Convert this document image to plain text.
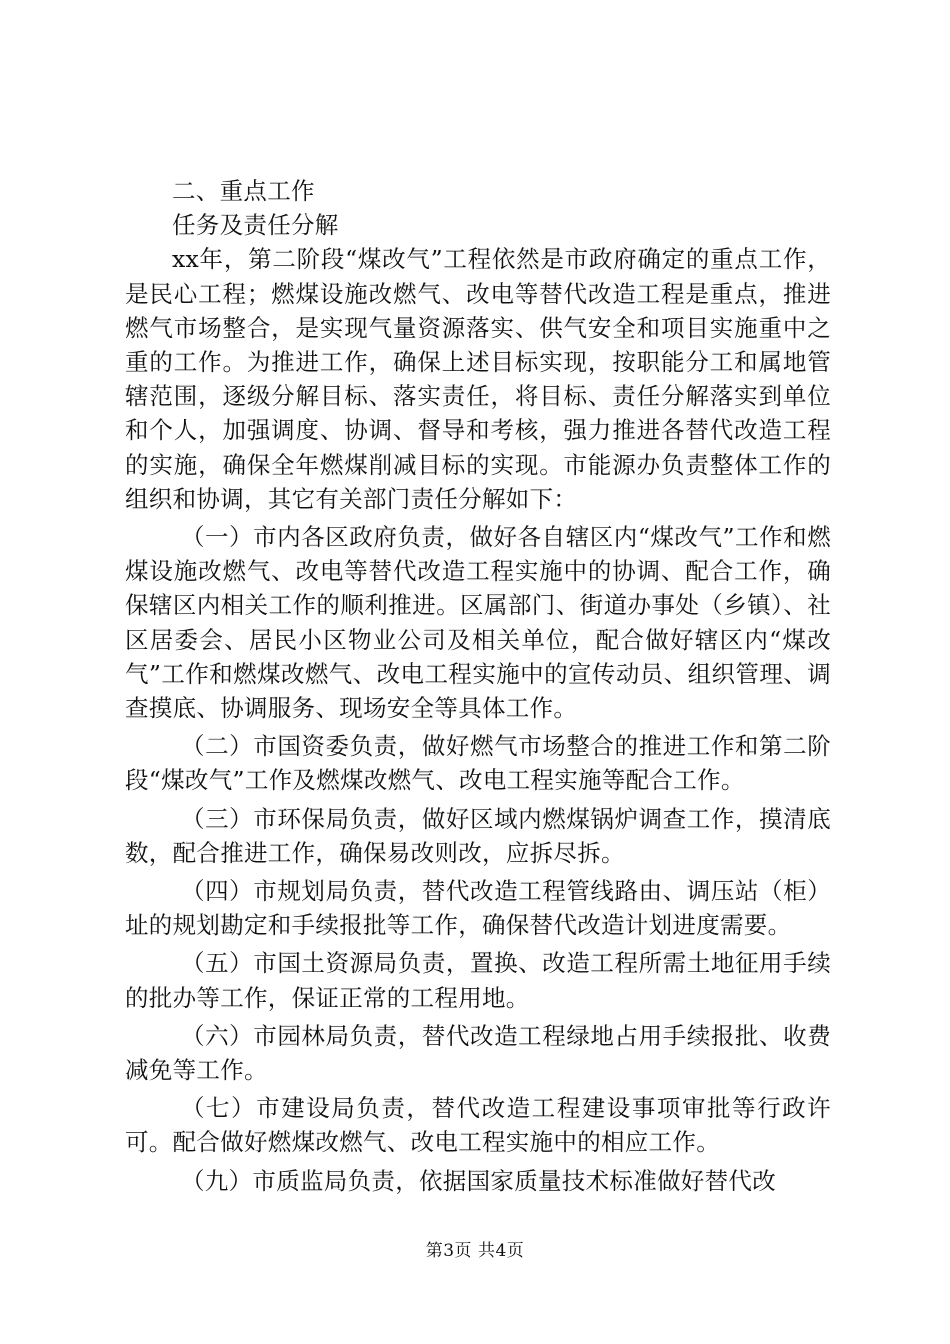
二、重点工作

任务及责任分解

xx年，第二阶段“煤改气”工程依然是市政府确定的重点工作，是民心工程；燃煤设施改燃气、改电等替代改造工程是重点，推进燃气市场整合，是实现气量资源落实、供气安全和项目实施重中之重的工作。为推进工作，确保上述目标实现，按职能分工和属地管辖范围，逐级分解目标、落实责任，将目标、责任分解落实到单位和个人，加强调度、协调、督导和考核，强力推进各替代改造工程的实施，确保全年燃煤削减目标的实现。市能源办负责整体工作的组织和协调，其它有关部门责任分解如下：

（一）市内各区政府负责，做好各自辖区内“煤改气”工作和燃煤设施改燃气、改电等替代改造工程实施中的协调、配合工作，确保辖区内相关工作的顺利推进。区属部门、街道办事处（乡镇）、社区居委会、居民小区物业公司及相关单位，配合做好辖区内“煤改气”工作和燃煤改燃气、改电工程实施中的宣传动员、组织管理、调查摸底、协调服务、现场安全等具体工作。

（二）市国资委负责，做好燃气市场整合的推进工作和第二阶段“煤改气”工作及燃煤改燃气、改电工程实施等配合工作。

（三）市环保局负责，做好区域内燃煤锅炉调查工作，摸清底数，配合推进工作，确保易改则改，应拆尽拆。

（四）市规划局负责，替代改造工程管线路由、调压站（柜）址的规划勘定和手续报批等工作，确保替代改造计划进度需要。

（五）市国土资源局负责，置换、改造工程所需土地征用手续的批办等工作，保证正常的工程用地。

（六）市园林局负责，替代改造工程绿地占用手续报批、收费减免等工作。

（七）市建设局负责，替代改造工程建设事项审批等行政许可。配合做好燃煤改燃气、改电工程实施中的相应工作。

（九）市质监局负责，依据国家质量技术标准做好替代改

第3页 共4页
